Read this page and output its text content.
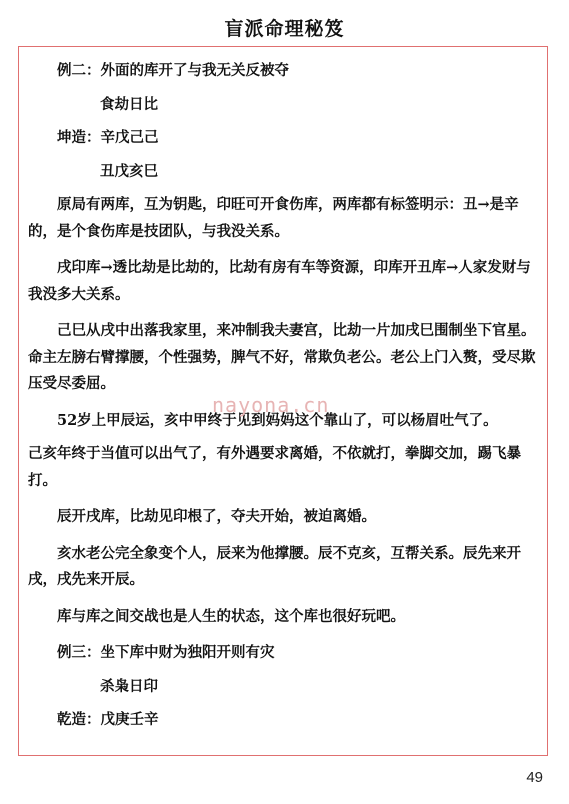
盲派命理秘笈

例二：外面的库开了与我无关反被夺

食劫日比

坤造：辛戊己己

丑戊亥巳

原局有两库，互为钥匙，印旺可开食伤库，两库都有标签明示：丑→是辛的，是个食伤库是技团队，与我没关系。

戌印库→透比劫是比劫的，比劫有房有车等资源，印库开丑库→人家发财与我没多大关系。

己巳从戌中出落我家里，来冲制我夫妻宫，比劫一片加戌巳围制坐下官星。

命主左膀右臂撑腰，个性强势，脾气不好，常欺负老公。老公上门入赘，受尽欺压受尽委屈。

52岁上甲辰运，亥中甲终于见到妈妈这个靠山了，可以杨眉吐气了。

己亥年终于当值可以出气了，有外遇要求离婚，不依就打，拳脚交加，踢飞暴打。

辰开戌库，比劫见印根了，夺夫开始，被迫离婚。

亥水老公完全象变个人，辰来为他撑腰。辰不克亥，互帮关系。辰先来开戌，戌先来开辰。

库与库之间交战也是人生的状态，这个库也很好玩吧。

例三：坐下库中财为独阳开则有灾

杀枭日印

乾造：戊庚壬辛

nayona.cn
49
